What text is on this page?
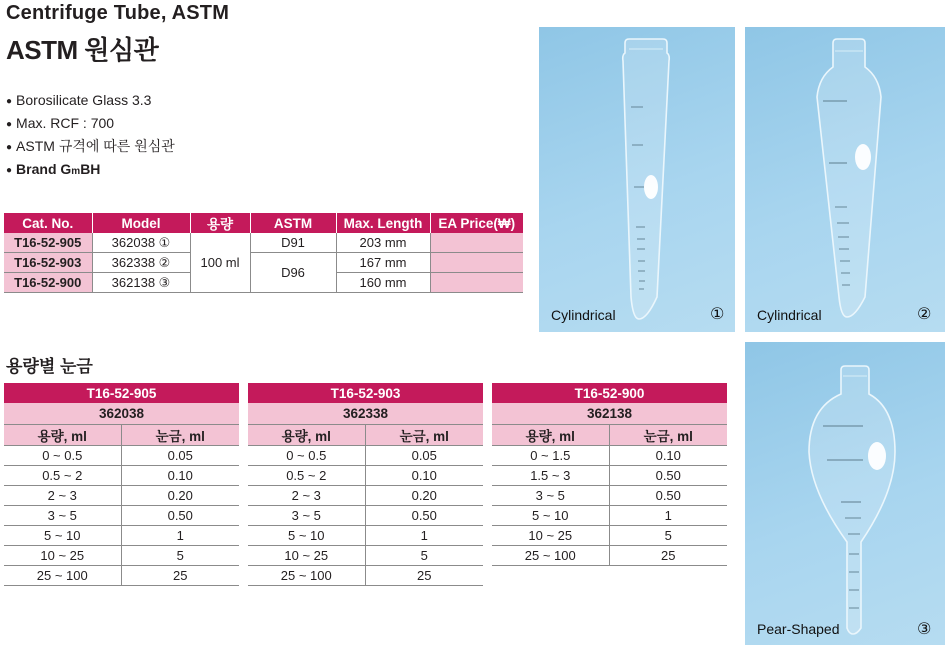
Centrifuge Tube, ASTM
ASTM 원심관
● Borosilicate Glass 3.3
● Max. RCF : 700
● ASTM 규격에 따른 원심관
● Brand GmBH
Cat. No.	Model	용량	ASTM	Max. Length	EA Price(₩)
T16-52-905	362038 ①	100 ml	D91	203 mm	
T16-52-903	362338 ②		D96	167 mm	
T16-52-900	362138 ③			160 mm	
용량별 눈금
T16-52-905	
362038	
용량, ml	눈금, ml
0 ~ 0.5	0.05
0.5 ~ 2	0.10
2 ~ 3	0.20
3 ~ 5	0.50
5 ~ 10	1
10 ~ 25	5
25 ~ 100	25
T16-52-903	
362338	
용량, ml	눈금, ml
0 ~ 0.5	0.05
0.5 ~ 2	0.10
2 ~ 3	0.20
3 ~ 5	0.50
5 ~ 10	1
10 ~ 25	5
25 ~ 100	25
T16-52-900	
362138	
용량, ml	눈금, ml
0 ~ 1.5	0.10
1.5 ~ 3	0.50
3 ~ 5	0.50
5 ~ 10	1
10 ~ 25	5
25 ~ 100	25
Cylindrical	① Cylindrical	②
Pear-Shaped	③
